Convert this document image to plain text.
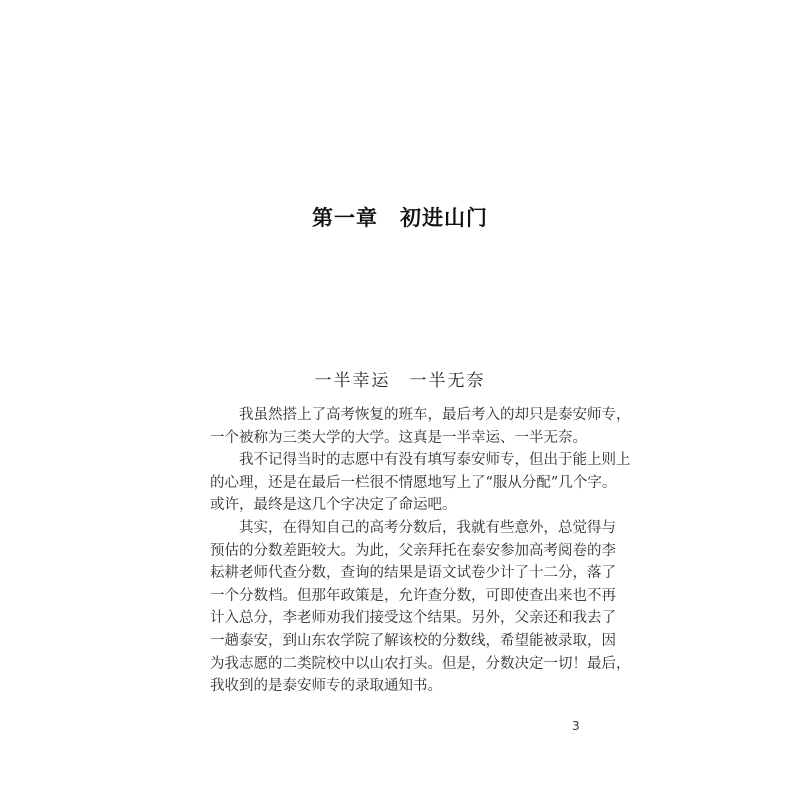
第一章　初进山门
一半幸运　一半无奈
我虽然搭上了高考恢复的班车，最后考入的却只是泰安师专，
一个被称为三类大学的大学。这真是一半幸运、一半无奈。
我不记得当时的志愿中有没有填写泰安师专，但出于能上则上
的心理，还是在最后一栏很不情愿地写上了“服从分配”几个字。
或许，最终是这几个字决定了命运吧。
其实，在得知自己的高考分数后，我就有些意外，总觉得与
预估的分数差距较大。为此，父亲拜托在泰安参加高考阅卷的李
耘耕老师代查分数，查询的结果是语文试卷少计了十二分，落了
一个分数档。但那年政策是，允许查分数，可即使查出来也不再
计入总分，李老师劝我们接受这个结果。另外，父亲还和我去了
一趟泰安，到山东农学院了解该校的分数线，希望能被录取，因
为我志愿的二类院校中以山农打头。但是，分数决定一切！最后，
我收到的是泰安师专的录取通知书。
3
